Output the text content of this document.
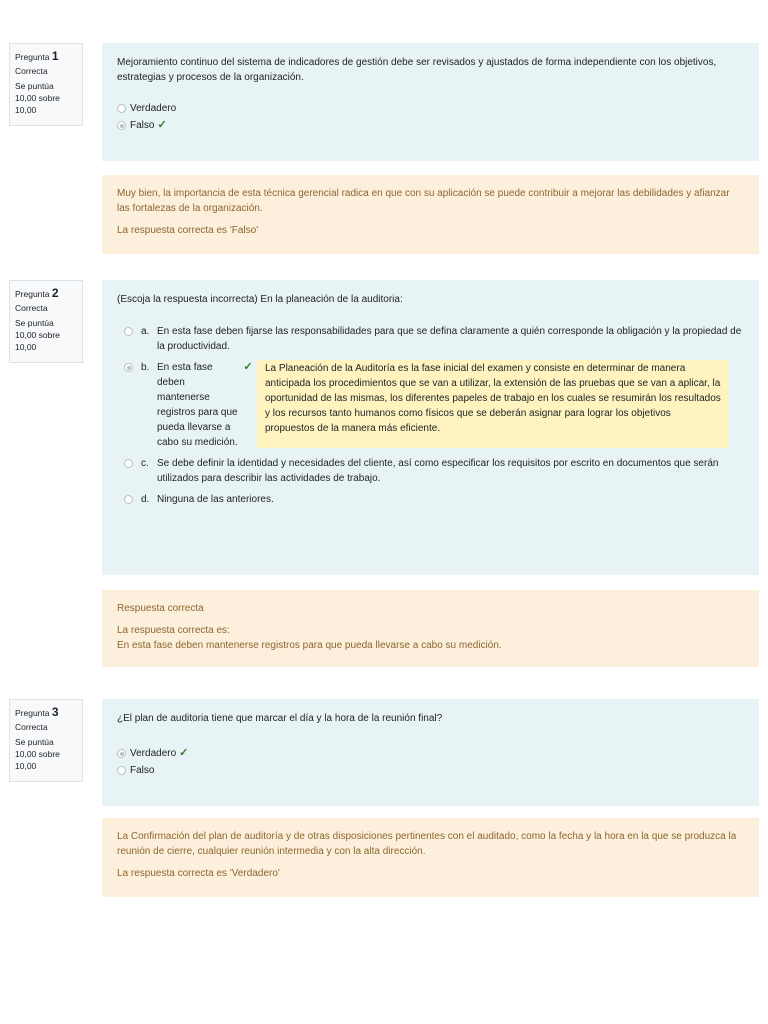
Pregunta 1
Correcta
Se puntúa 10,00 sobre 10,00
Mejoramiento continuo del sistema de indicadores de gestión debe ser revisados y ajustados de forma independiente con los objetivos, estrategias y procesos de la organización.
Verdadero
Falso ✓
Muy bien, la importancia de esta técnica gerencial radica en que con su aplicación se puede contribuir a mejorar las debilidades y afianzar las fortalezas de la organización.
La respuesta correcta es 'Falso'
Pregunta 2
Correcta
Se puntúa 10,00 sobre 10,00
(Escoja la respuesta incorrecta) En la planeación de la auditoria:
a. En esta fase deben fijarse las responsabilidades para que se defina claramente a quién corresponde la obligación y la propiedad de la productividad.
b. En esta fase deben mantenerse registros para que pueda llevarse a cabo su medición.
✓	La Planeación de la Auditoría es la fase inicial del examen y consiste en determinar de manera anticipada los procedimientos que se van a utilizar, la extensión de las pruebas que se van a aplicar, la oportunidad de las mismas, los diferentes papeles de trabajo en los cuales se resumirán los resultados y los recursos tanto humanos como físicos que se deberán asignar para lograr los objetivos propuestos de la manera más eficiente.
c. Se debe definir la identidad y necesidades del cliente, así como especificar los requisitos por escrito en documentos que serán utilizados para describir las actividades de trabajo.
d. Ninguna de las anteriores.
Respuesta correcta
La respuesta correcta es:
En esta fase deben mantenerse registros para que pueda llevarse a cabo su medición.
Pregunta 3
Correcta
Se puntúa 10,00 sobre 10,00
¿El plan de auditoria tiene que marcar el día y la hora de la reunión final?
Verdadero ✓
Falso
La Confirmación del plan de auditoría y de otras disposiciones pertinentes con el auditado, como la fecha y la hora en la que se produzca la reunión de cierre, cualquier reunión intermedia y con la alta dirección.
La respuesta correcta es 'Verdadero'
